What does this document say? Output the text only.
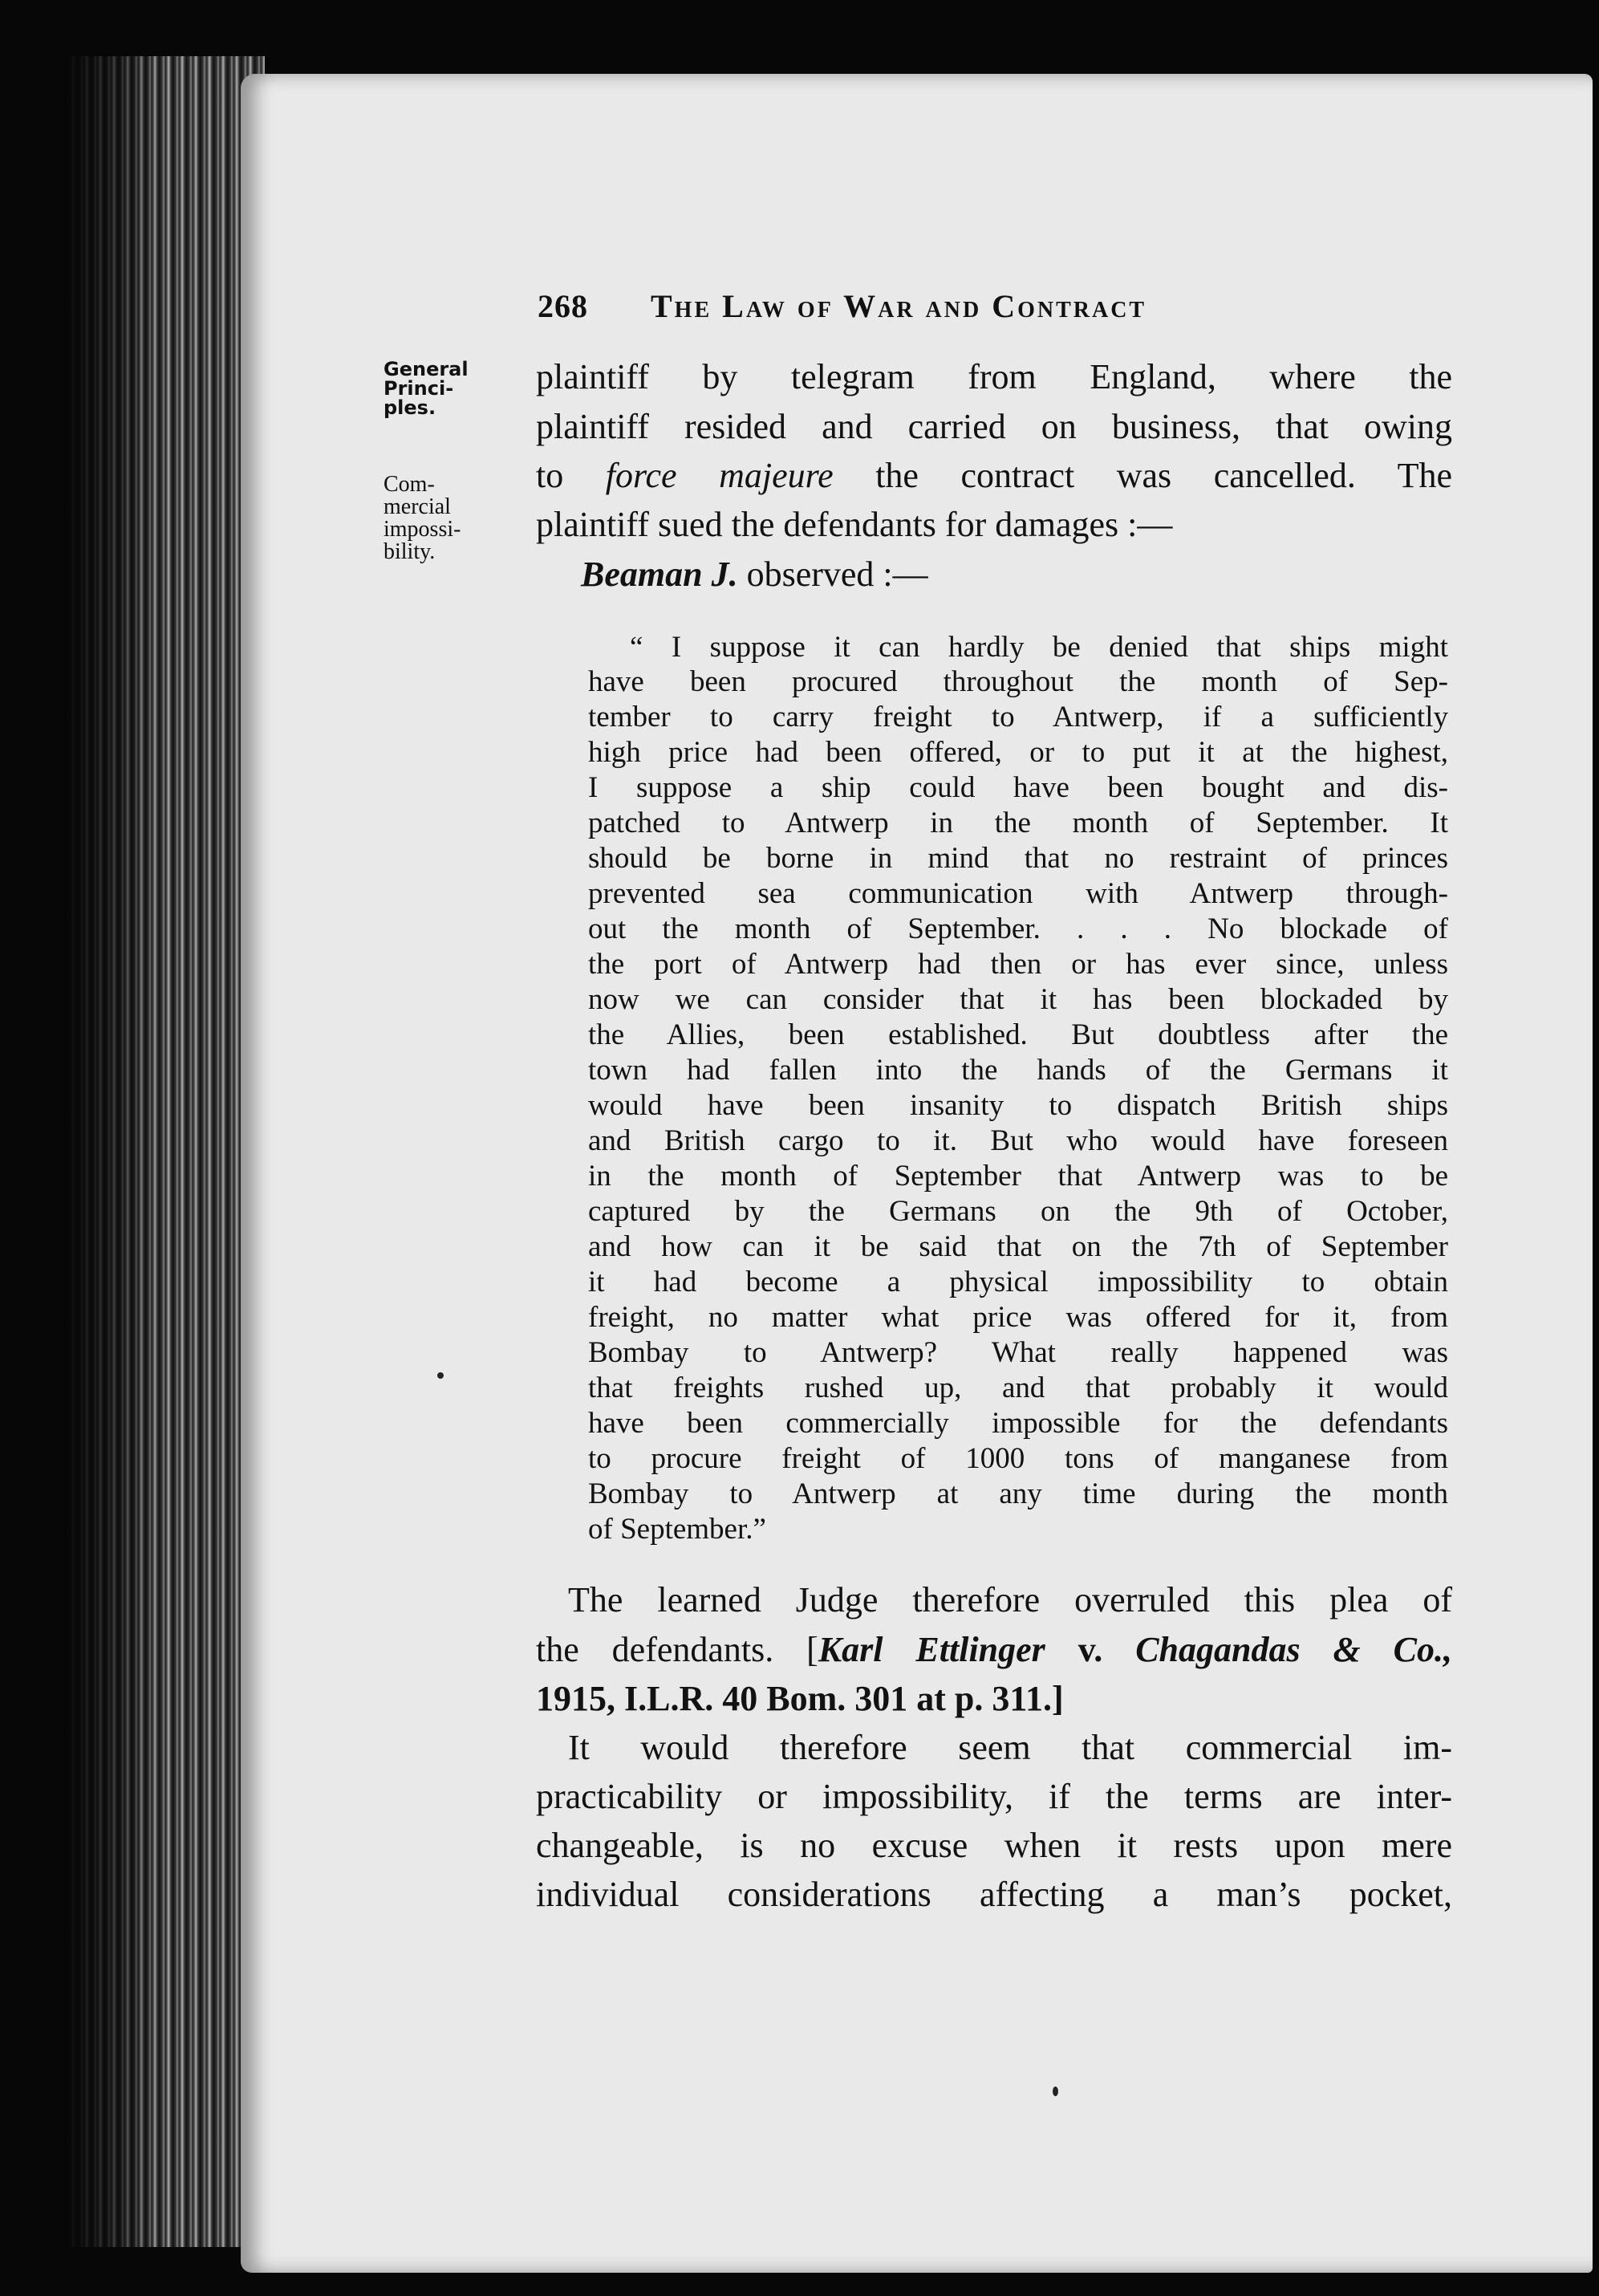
268 The Law of War and Contract
General
Princi-
ples.
Com-
mercial
impossi-
bility.
plaintiff by telegram from England, where the
plaintiff resided and carried on business, that owing
to force majeure the contract was cancelled. The
plaintiff sued the defendants for damages :—
Beaman J. observed :—
“ I suppose it can hardly be denied that ships might
have been procured throughout the month of Sep-
tember to carry freight to Antwerp, if a sufficiently
high price had been offered, or to put it at the highest,
I suppose a ship could have been bought and dis-
patched to Antwerp in the month of September. It
should be borne in mind that no restraint of princes
prevented sea communication with Antwerp through-
out the month of September. . . . No blockade of
the port of Antwerp had then or has ever since, unless
now we can consider that it has been blockaded by
the Allies, been established. But doubtless after the
town had fallen into the hands of the Germans it
would have been insanity to dispatch British ships
and British cargo to it. But who would have foreseen
in the month of September that Antwerp was to be
captured by the Germans on the 9th of October,
and how can it be said that on the 7th of September
it had become a physical impossibility to obtain
freight, no matter what price was offered for it, from
Bombay to Antwerp? What really happened was
that freights rushed up, and that probably it would
have been commercially impossible for the defendants
to procure freight of 1000 tons of manganese from
Bombay to Antwerp at any time during the month
of September.”
The learned Judge therefore overruled this plea of
the defendants. [Karl Ettlinger v. Chagandas & Co.,
1915, I.L.R. 40 Bom. 301 at p. 311.]
It would therefore seem that commercial im-
practicability or impossibility, if the terms are inter-
changeable, is no excuse when it rests upon mere
individual considerations affecting a man’s pocket,
